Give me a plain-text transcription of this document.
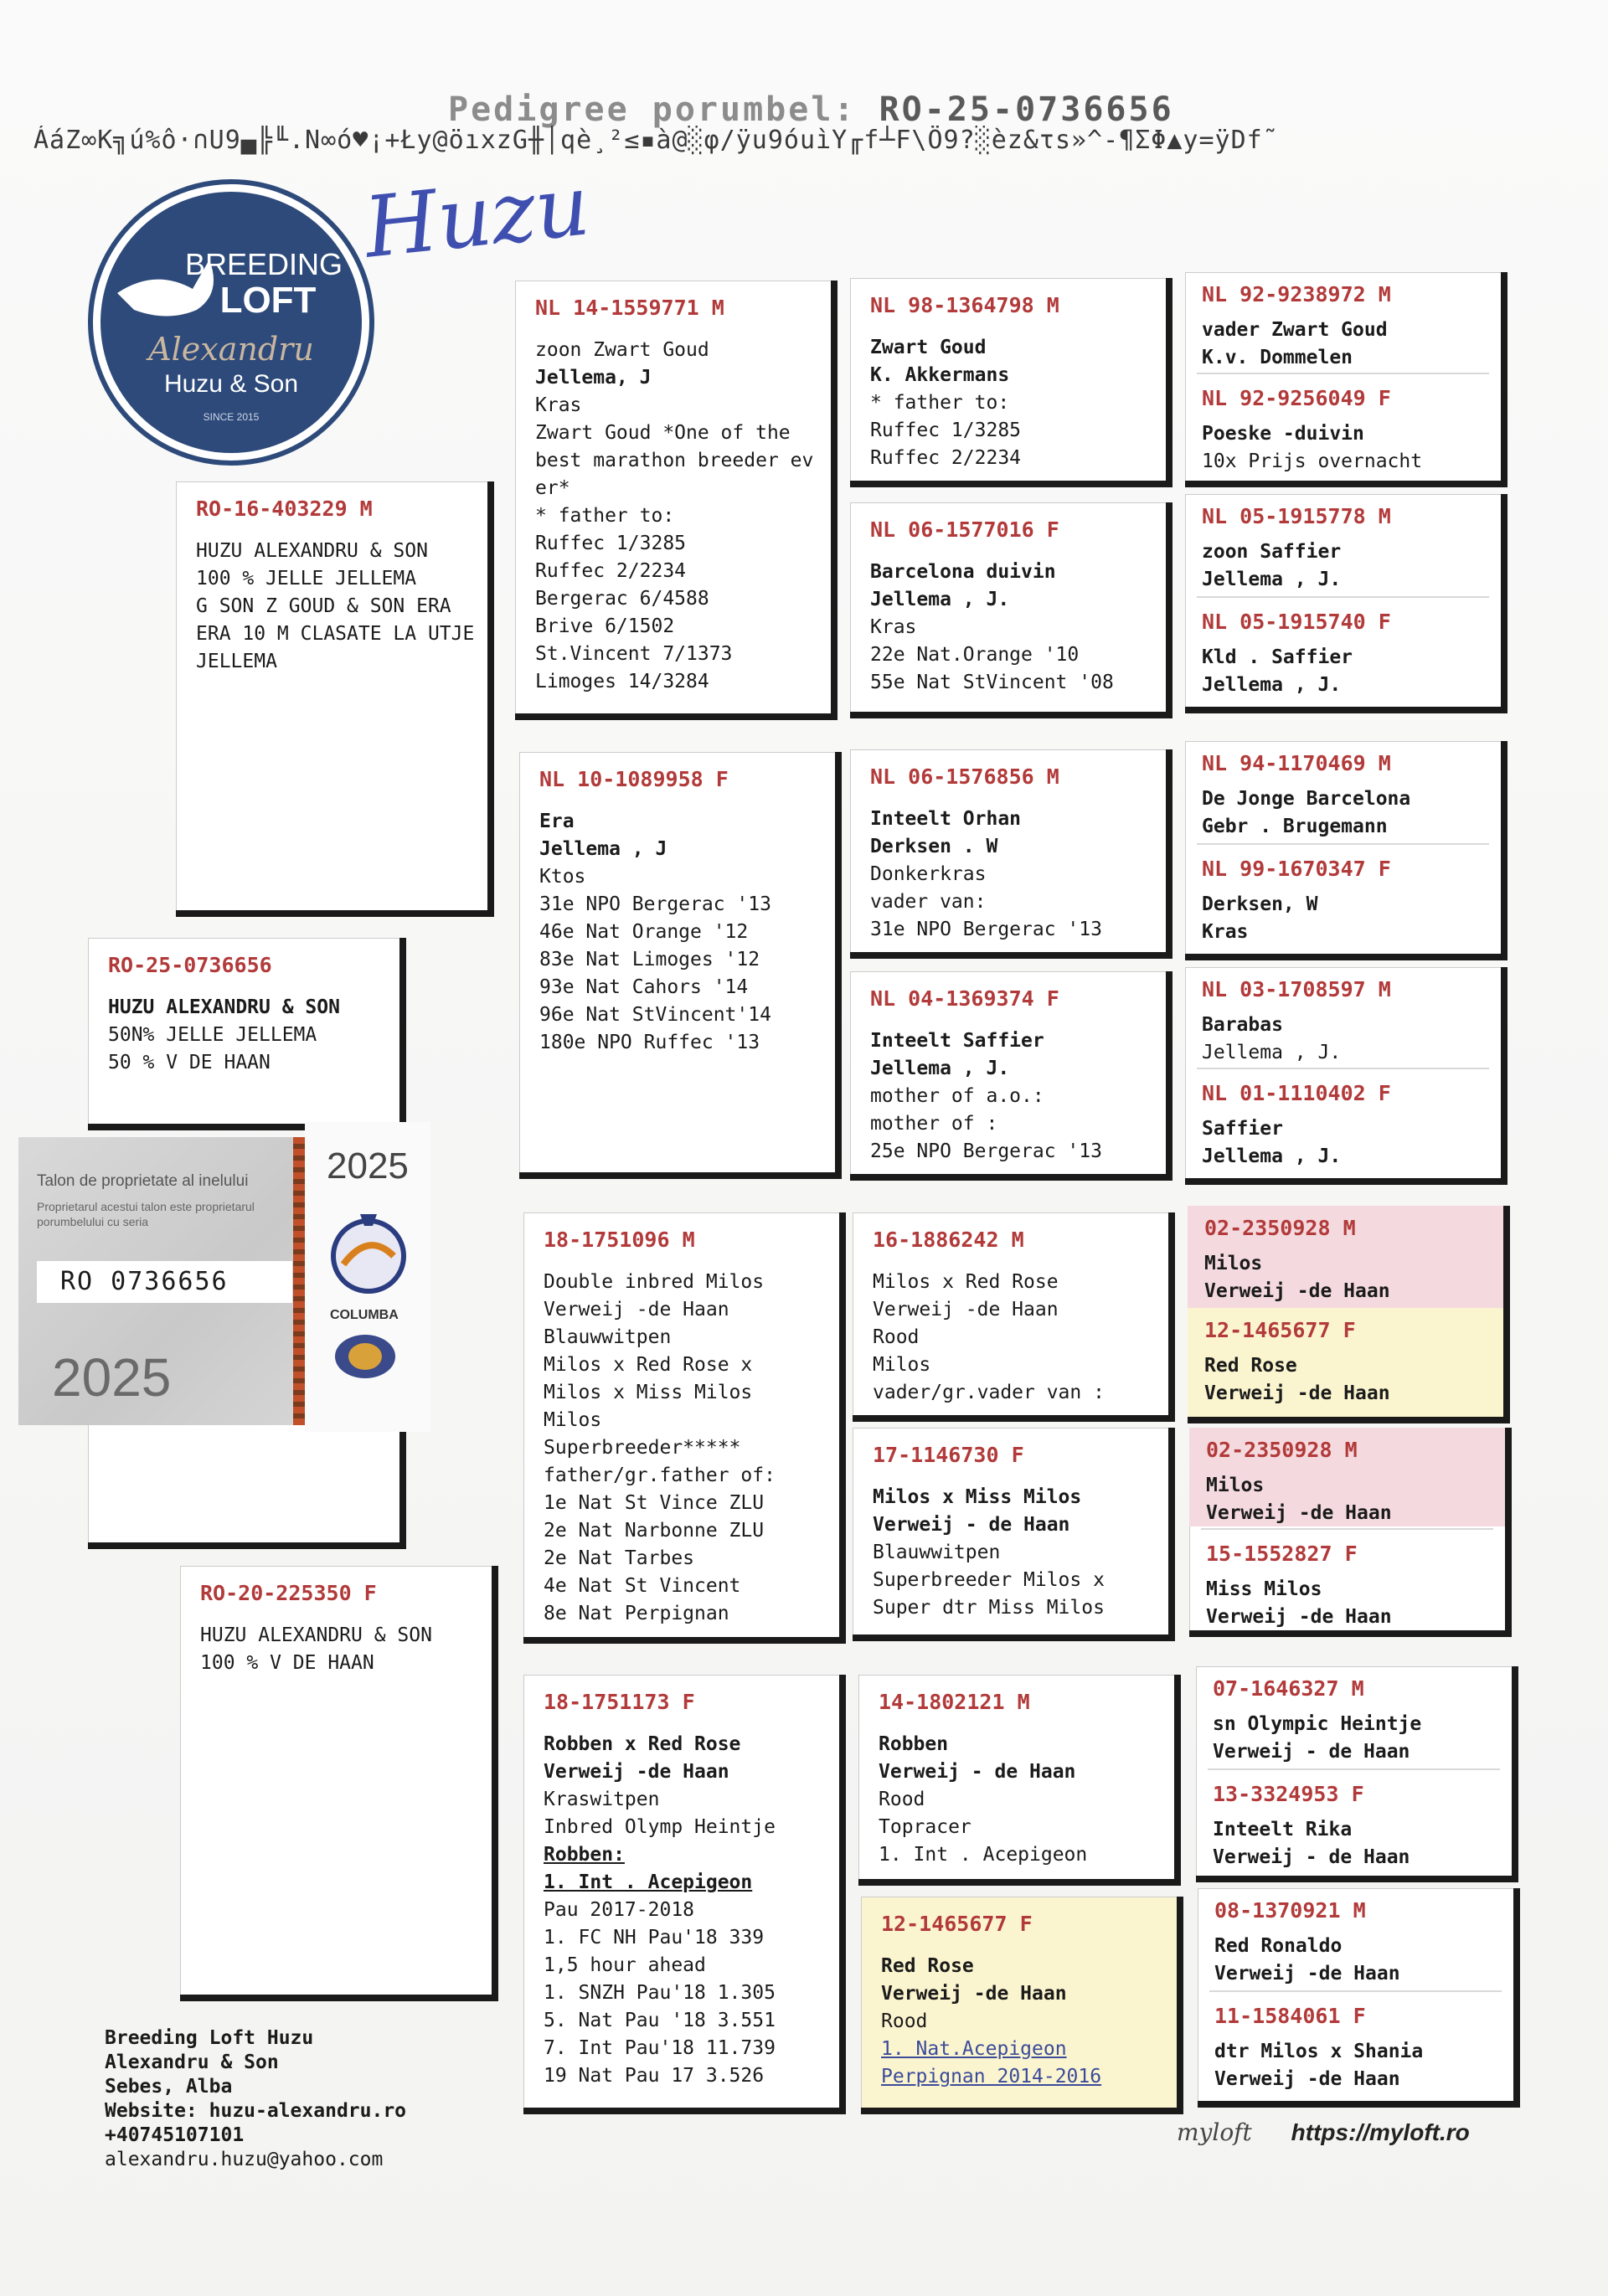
Pedigree porumbel: RO-25-0736656
ÁáZ∞K╗ú%ô·∩U9▄╠╙.N∞ó♥¡+Ły@öıxzG╫│qè¸²≤▪à@░φ/ÿu9óuìY╓f┴F\Ö9?░èz&τs»^-¶ΣΦ▲y=ÿDf˜
BREEDING
LOFT
Alexandru
Huzu & Son
SINCE 2015
Huzu
RO-25-0736656
HUZU ALEXANDRU & SON
50N% JELLE JELLEMA
50 % V DE HAAN
Talon de proprietate al inelului
Proprietarul acestui talon este proprietarul porumbelului cu seria
RO 0736656
2025
2025
COLUMBA
RO-16-403229 M
HUZU ALEXANDRU & SON
100 % JELLE JELLEMA
G SON Z GOUD & SON ERA
ERA 10 M CLASATE LA UTJE
JELLEMA
RO-20-225350 F
HUZU ALEXANDRU & SON
100 % V DE HAAN
NL 14-1559771 M
zoon Zwart Goud
Jellema, J
Kras
Zwart Goud *One of the
best marathon breeder ev
er*
* father to:
Ruffec 1/3285
Ruffec 2/2234
Bergerac 6/4588
Brive 6/1502
St.Vincent 7/1373
Limoges 14/3284
NL 10-1089958 F
Era
Jellema , J
Ktos
31e NPO Bergerac '13
46e Nat Orange '12
83e Nat Limoges '12
93e Nat Cahors '14
96e Nat StVincent'14
180e NPO Ruffec '13
18-1751096 M
Double inbred Milos
Verweij -de Haan
Blauwwitpen
Milos x Red Rose x
Milos x Miss Milos
Milos
Superbreeder*****
father/gr.father of:
1e Nat St Vince ZLU
2e Nat Narbonne ZLU
2e Nat Tarbes
4e Nat St Vincent
8e Nat Perpignan
18-1751173 F
Robben x Red Rose
Verweij -de Haan
Kraswitpen
Inbred Olymp Heintje
Robben:
1. Int . Acepigeon
Pau 2017-2018
1. FC NH Pau'18 339
1,5 hour ahead
1. SNZH Pau'18 1.305
5. Nat Pau '18 3.551
7. Int Pau'18 11.739
19 Nat Pau 17 3.526
NL 98-1364798 M
Zwart Goud
K. Akkermans
* father to:
Ruffec 1/3285
Ruffec 2/2234
NL 06-1577016 F
Barcelona duivin
Jellema , J.
Kras
22e Nat.Orange '10
55e Nat StVincent '08
NL 06-1576856 M
Inteelt Orhan
Derksen . W
Donkerkras
vader van:
31e NPO Bergerac '13
NL 04-1369374 F
Inteelt Saffier
Jellema , J.
mother of a.o.:
mother of :
25e NPO Bergerac '13
16-1886242 M
Milos x Red Rose
Verweij -de Haan
Rood
Milos
vader/gr.vader van :
17-1146730 F
Milos x Miss Milos
Verweij - de Haan
Blauwwitpen
Superbreeder Milos x
Super dtr Miss Milos
14-1802121 M
Robben
Verweij - de Haan
Rood
Topracer
1. Int . Acepigeon
12-1465677 F
Red Rose
Verweij -de Haan
Rood
1. Nat.Acepigeon
Perpignan 2014-2016
NL 92-9238972 M
vader Zwart Goud
K.v. Dommelen
NL 92-9256049 F
Poeske -duivin
10x Prijs overnacht
NL 05-1915778 M
zoon Saffier
Jellema , J.
NL 05-1915740 F
Kld . Saffier
Jellema , J.
NL 94-1170469 M
De Jonge Barcelona
Gebr . Brugemann
NL 99-1670347 F
Derksen, W
Kras
NL 03-1708597 M
Barabas
Jellema , J.
NL 01-1110402 F
Saffier
Jellema , J.
02-2350928 M
Milos
Verweij -de Haan
12-1465677 F
Red Rose
Verweij -de Haan
02-2350928 M
Milos
Verweij -de Haan
15-1552827 F
Miss Milos
Verweij -de Haan
07-1646327 M
sn Olympic Heintje
Verweij - de Haan
13-3324953 F
Inteelt Rika
Verweij - de Haan
08-1370921 M
Red Ronaldo
Verweij -de Haan
11-1584061 F
dtr Milos x Shania
Verweij -de Haan
Breeding Loft Huzu
Alexandru & Son
Sebes, Alba
Website: huzu-alexandru.ro
+40745107101
alexandru.huzu@yahoo.com
myloft https://myloft.ro
